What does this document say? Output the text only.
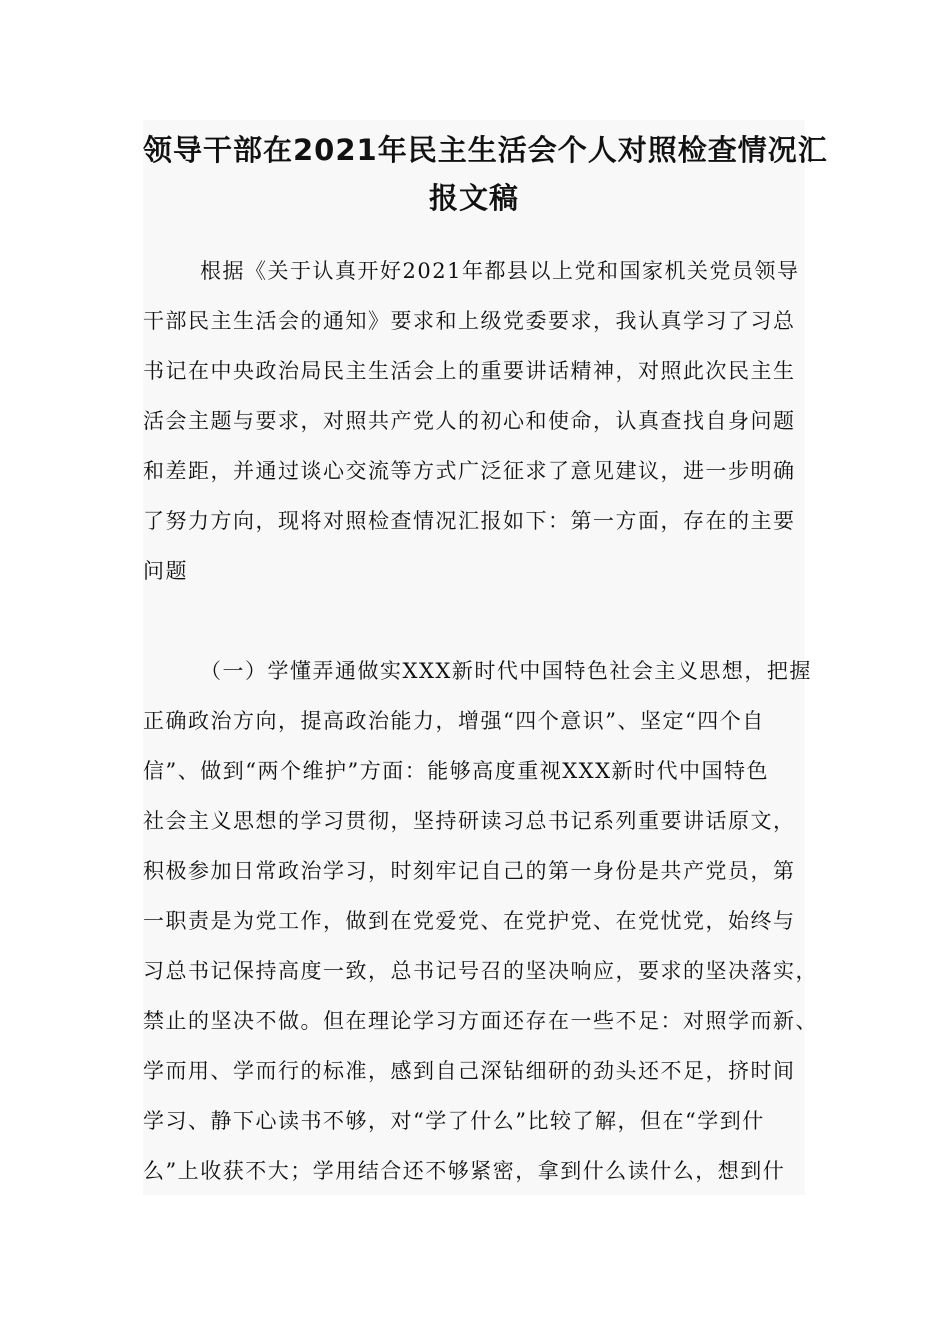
领导干部在2021年民主生活会个人对照检查情况汇
报文稿

根据《关于认真开好2021年都县以上党和国家机关党员领导
干部民主生活会的通知》要求和上级党委要求，我认真学习了习总
书记在中央政治局民主生活会上的重要讲话精神，对照此次民主生
活会主题与要求，对照共产党人的初心和使命，认真查找自身问题
和差距，并通过谈心交流等方式广泛征求了意见建议，进一步明确
了努力方向，现将对照检查情况汇报如下：第一方面，存在的主要
问题

（一）学懂弄通做实XXX新时代中国特色社会主义思想，把握
正确政治方向，提高政治能力，增强“四个意识”、坚定“四个自
信”、做到“两个维护”方面：能够高度重视XXX新时代中国特色
社会主义思想的学习贯彻，坚持研读习总书记系列重要讲话原文，
积极参加日常政治学习，时刻牢记自己的第一身份是共产党员，第
一职责是为党工作，做到在党爱党、在党护党、在党忧党，始终与
习总书记保持高度一致，总书记号召的坚决响应，要求的坚决落实，
禁止的坚决不做。但在理论学习方面还存在一些不足：对照学而新、
学而用、学而行的标准，感到自己深钻细研的劲头还不足，挤时间
学习、静下心读书不够，对“学了什么”比较了解，但在“学到什
么”上收获不大；学用结合还不够紧密，拿到什么读什么，想到什
